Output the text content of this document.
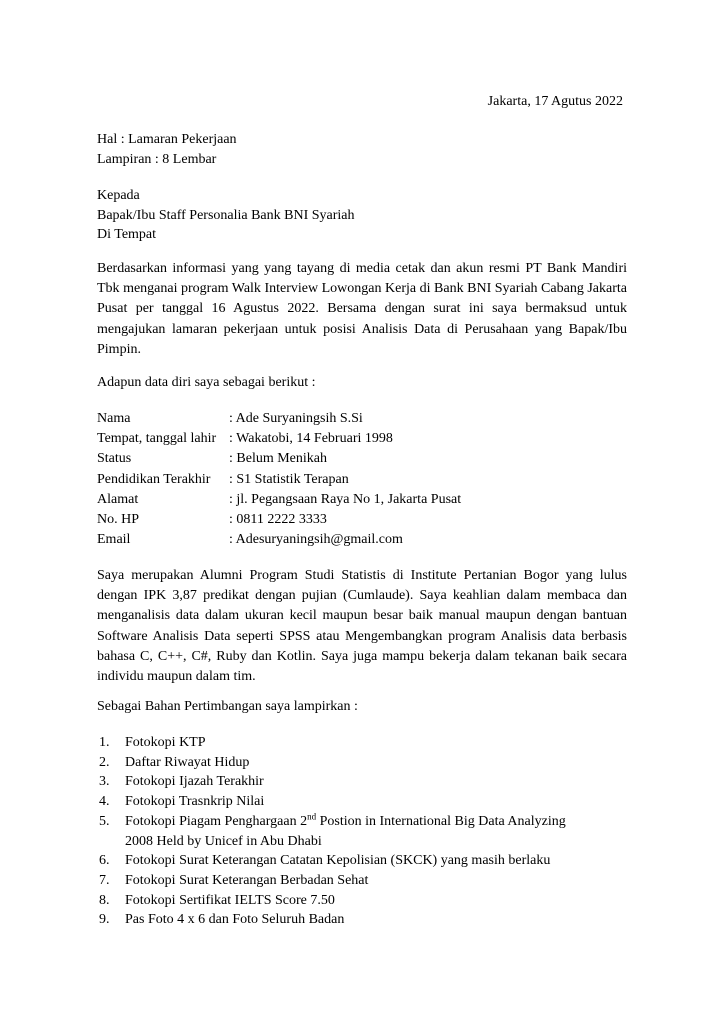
Jakarta, 17 Agutus 2022
Hal : Lamaran Pekerjaan
Lampiran : 8 Lembar
Kepada
Bapak/Ibu Staff Personalia Bank BNI Syariah
Di Tempat
Berdasarkan informasi yang yang tayang di media cetak dan akun resmi PT Bank Mandiri Tbk menganai program Walk Interview Lowongan Kerja di Bank BNI Syariah Cabang Jakarta Pusat per tanggal 16 Agustus 2022. Bersama dengan surat ini saya bermaksud untuk mengajukan lamaran pekerjaan untuk posisi Analisis Data di Perusahaan yang Bapak/Ibu Pimpin.
Adapun data diri saya sebagai berikut :
Nama	: Ade Suryaningsih S.Si
Tempat, tanggal lahir : Wakatobi, 14 Februari 1998
Status	: Belum Menikah
Pendidikan Terakhir	: S1 Statistik Terapan
Alamat	: jl. Pegangsaan Raya No 1, Jakarta Pusat
No. HP	: 0811 2222 3333
Email	: Adesuryaningsih@gmail.com
Saya merupakan Alumni Program Studi Statistis di Institute Pertanian Bogor yang lulus dengan IPK 3,87 predikat dengan pujian (Cumlaude). Saya keahlian dalam membaca dan menganalisis data dalam ukuran kecil maupun besar baik manual maupun dengan bantuan Software Analisis Data seperti SPSS atau Mengembangkan program Analisis data berbasis bahasa C, C++, C#, Ruby dan Kotlin. Saya juga mampu bekerja dalam tekanan baik secara individu maupun dalam tim.
Sebagai Bahan Pertimbangan saya lampirkan :
1.	Fotokopi KTP
2.	Daftar Riwayat Hidup
3.	Fotokopi Ijazah Terakhir
4.	Fotokopi Trasnkrip Nilai
5.	Fotokopi Piagam Penghargaan 2nd Postion in International Big Data Analyzing
2008 Held by Unicef in Abu Dhabi
6.	Fotokopi Surat Keterangan Catatan Kepolisian (SKCK) yang masih berlaku
7.	Fotokopi Surat Keterangan Berbadan Sehat
8.	Fotokopi Sertifikat IELTS Score 7.50
9.	Pas Foto 4 x 6 dan Foto Seluruh Badan
